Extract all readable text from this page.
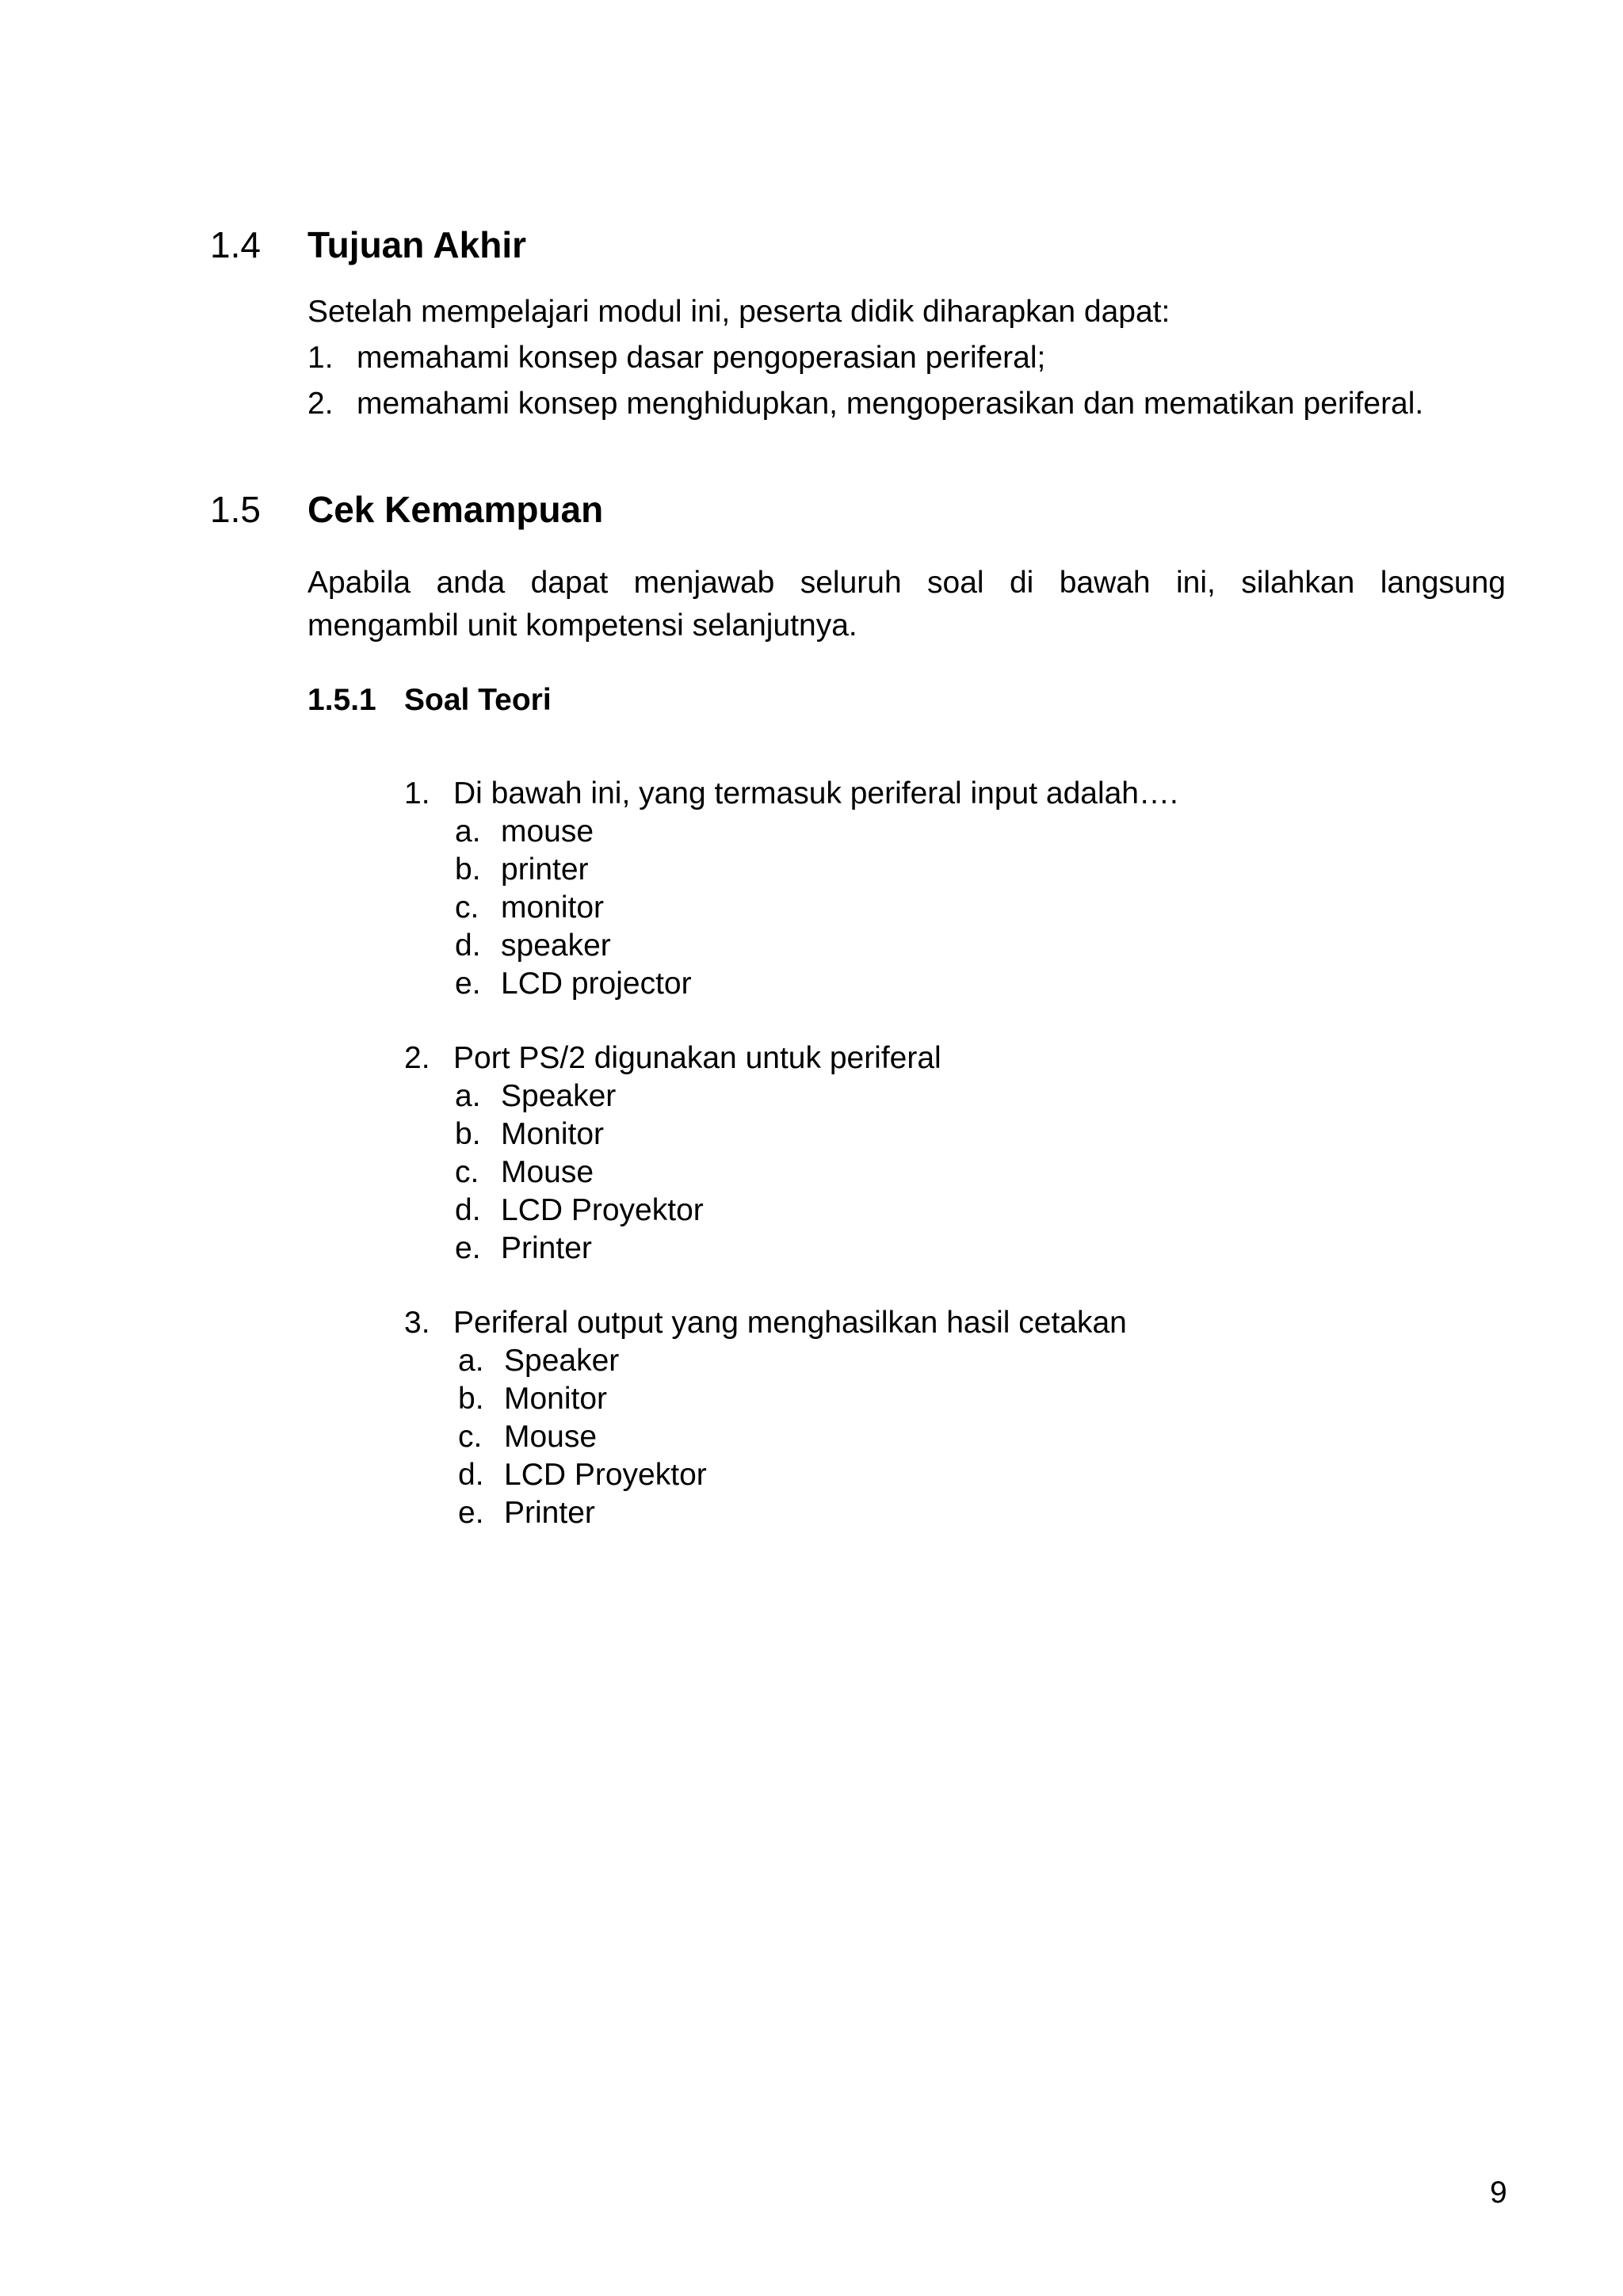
1.4 Tujuan Akhir
Setelah mempelajari modul ini, peserta didik diharapkan dapat:
1. memahami konsep dasar pengoperasian periferal;
2. memahami konsep menghidupkan, mengoperasikan dan mematikan periferal.
1.5 Cek Kemampuan
Apabila anda dapat menjawab seluruh soal di bawah ini, silahkan langsung
mengambil unit kompetensi selanjutnya.
1.5.1 Soal Teori
1. Di bawah ini, yang termasuk periferal input adalah….
a. mouse
b. printer
c. monitor
d. speaker
e. LCD projector
2. Port PS/2 digunakan untuk periferal
a. Speaker
b. Monitor
c. Mouse
d. LCD Proyektor
e. Printer
3. Periferal output yang menghasilkan hasil cetakan
a. Speaker
b. Monitor
c. Mouse
d. LCD Proyektor
e. Printer
9
